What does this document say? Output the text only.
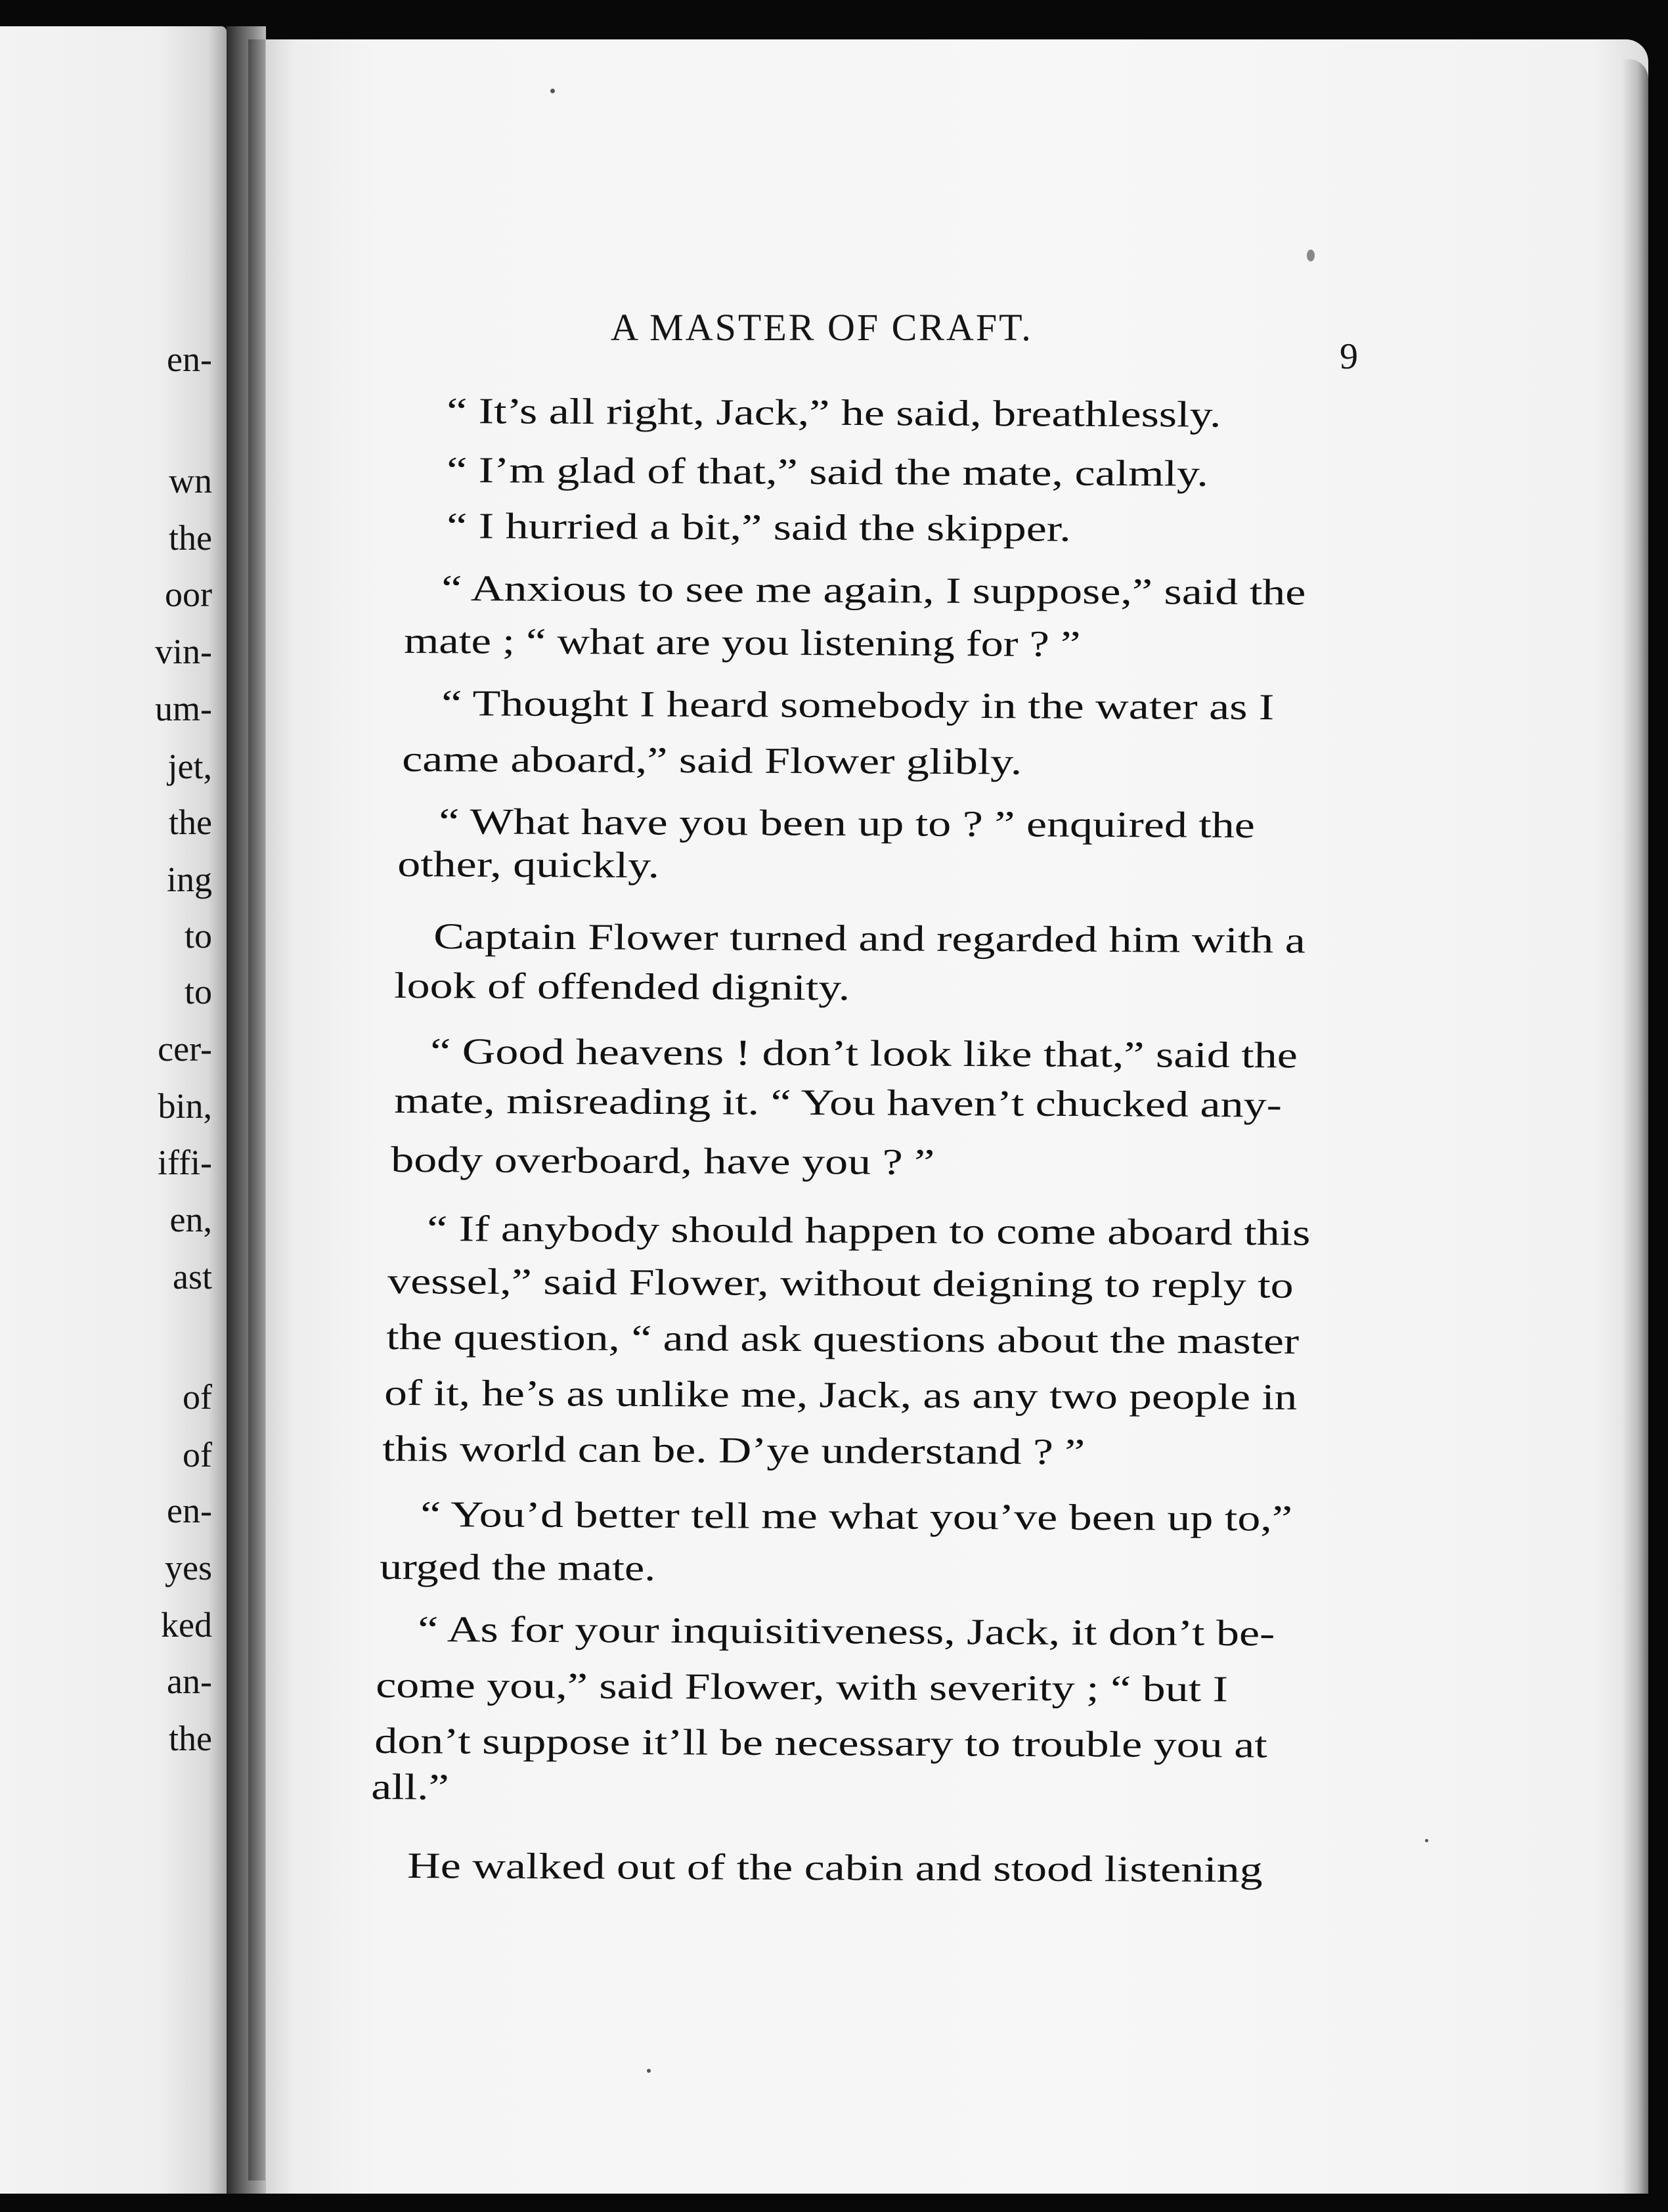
en-
wn
the
oor
vin-
um-
jet,
the
ing
to
to
cer-
bin,
iffi-
en,
ast
of
of
en-
yes
ked
an-
the
A MASTER OF CRAFT.
9
“ It’s all right, Jack,” he said, breathlessly.
“ I’m glad of that,” said the mate, calmly.
“ I hurried a bit,” said the skipper.
“ Anxious to see me again, I suppose,” said the
mate ; “ what are you listening for ? ”
“ Thought I heard somebody in the water as I
came aboard,” said Flower glibly.
“ What have you been up to ? ” enquired the
other, quickly.
Captain Flower turned and regarded him with a
look of offended dignity.
“ Good heavens ! don’t look like that,” said the
mate, misreading it. “ You haven’t chucked any-
body overboard, have you ? ”
“ If anybody should happen to come aboard this
vessel,” said Flower, without deigning to reply to
the question, “ and ask questions about the master
of it, he’s as unlike me, Jack, as any two people in
this world can be. D’ye understand ? ”
“ You’d better tell me what you’ve been up to,”
urged the mate.
“ As for your inquisitiveness, Jack, it don’t be-
come you,” said Flower, with severity ; “ but I
don’t suppose it’ll be necessary to trouble you at
all.”
He walked out of the cabin and stood listening
